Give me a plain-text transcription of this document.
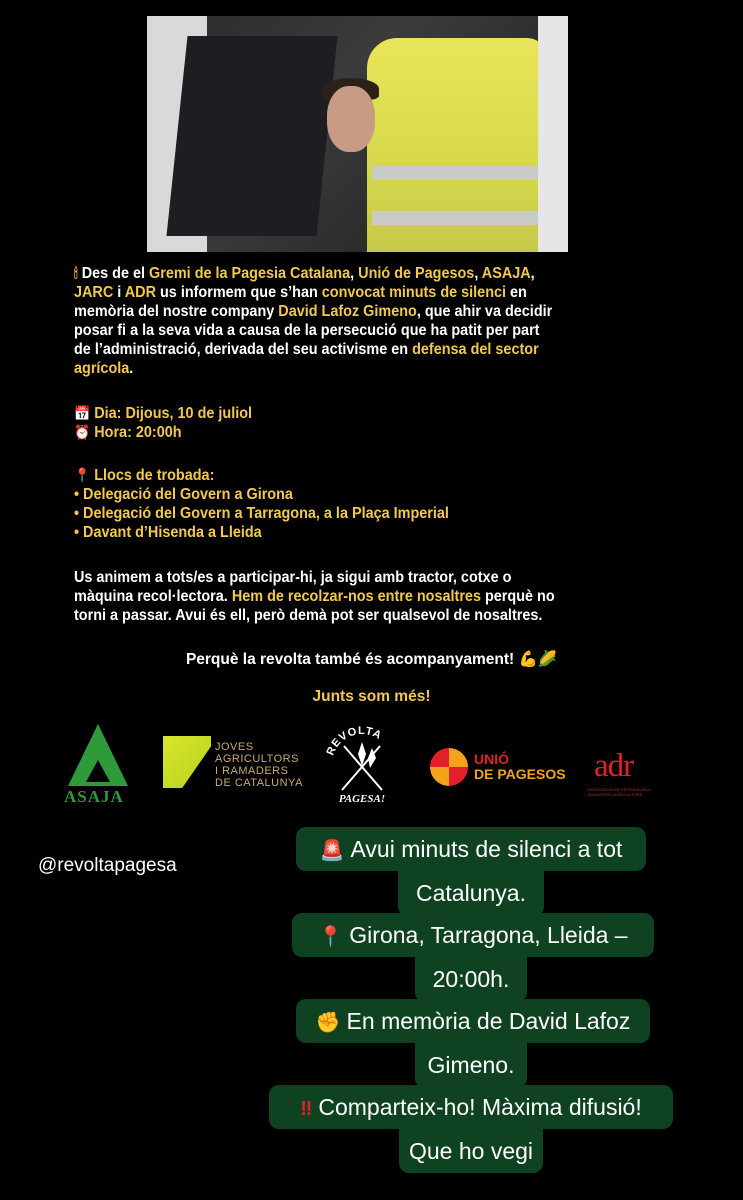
🕯 Des de el Gremi de la Pagesia Catalana, Unió de Pagesos, ASAJA,
JARC i ADR us informem que s’han convocat minuts de silenci en
memòria del nostre company David Lafoz Gimeno, que ahir va decidir
posar fi a la seva vida a causa de la persecució que ha patit per part
de l’administració, derivada del seu activisme en defensa del sector
agrícola.
📅 Dia: Dijous, 10 de juliol
⏰ Hora: 20:00h
📍 Llocs de trobada:
• Delegació del Govern a Girona
• Delegació del Govern a Tarragona, a la Plaça Imperial
• Davant d’Hisenda a Lleida
Us animem a tots/es a participar-hi, ja sigui amb tractor, cotxe o
màquina recol·lectora. Hem de recolzar-nos entre nosaltres perquè no
torni a passar. Avui és ell, però demà pot ser qualsevol de nosaltres.
Perquè la revolta també és acompanyament! 💪🌽
Junts som més!
ASAJA
JOVES
AGRICULTORS
I RAMADERS
DE CATALUNYA
REVOLTA
PAGESA!
UNIÓ
DE PAGESOS adr
ASSOCIACIÓ DE DEFENSA DELS RAMADERS I AGRICULTORS
@revoltapagesa
🚨 Avui minuts de silenci a tot
Catalunya.
📍 Girona, Tarragona, Lleida –
20:00h.
✊ En memòria de David Lafoz
Gimeno.
‼ Comparteix-ho! Màxima difusió!
Que ho vegi
